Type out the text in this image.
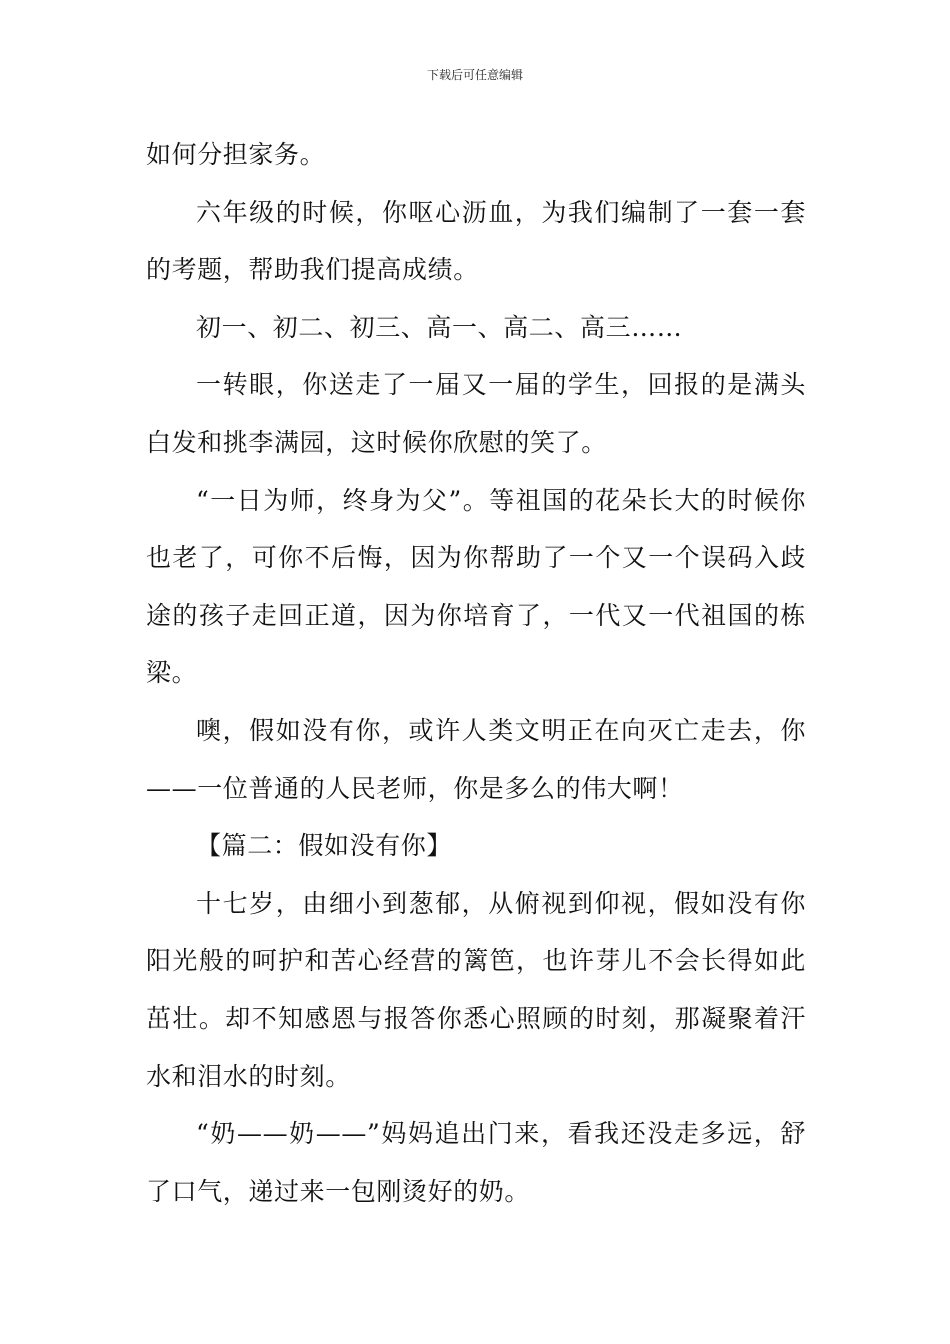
下载后可任意编辑

如何分担家务。

六年级的时候，你呕心沥血，为我们编制了一套一套的考题，帮助我们提高成绩。

初一、初二、初三、高一、高二、高三……

一转眼，你送走了一届又一届的学生，回报的是满头白发和挑李满园，这时候你欣慰的笑了。

“一日为师，终身为父”。等祖国的花朵长大的时候你也老了，可你不后悔，因为你帮助了一个又一个误码入歧途的孩子走回正道，因为你培育了，一代又一代祖国的栋梁。

噢，假如没有你，或许人类文明正在向灭亡走去，你——一位普通的人民老师，你是多么的伟大啊！

【篇二：假如没有你】

十七岁，由细小到葱郁，从俯视到仰视，假如没有你阳光般的呵护和苦心经营的篱笆，也许芽儿不会长得如此茁壮。却不知感恩与报答你悉心照顾的时刻，那凝聚着汗水和泪水的时刻。

“奶——奶——”妈妈追出门来，看我还没走多远，舒了口气，递过来一包刚烫好的奶。
